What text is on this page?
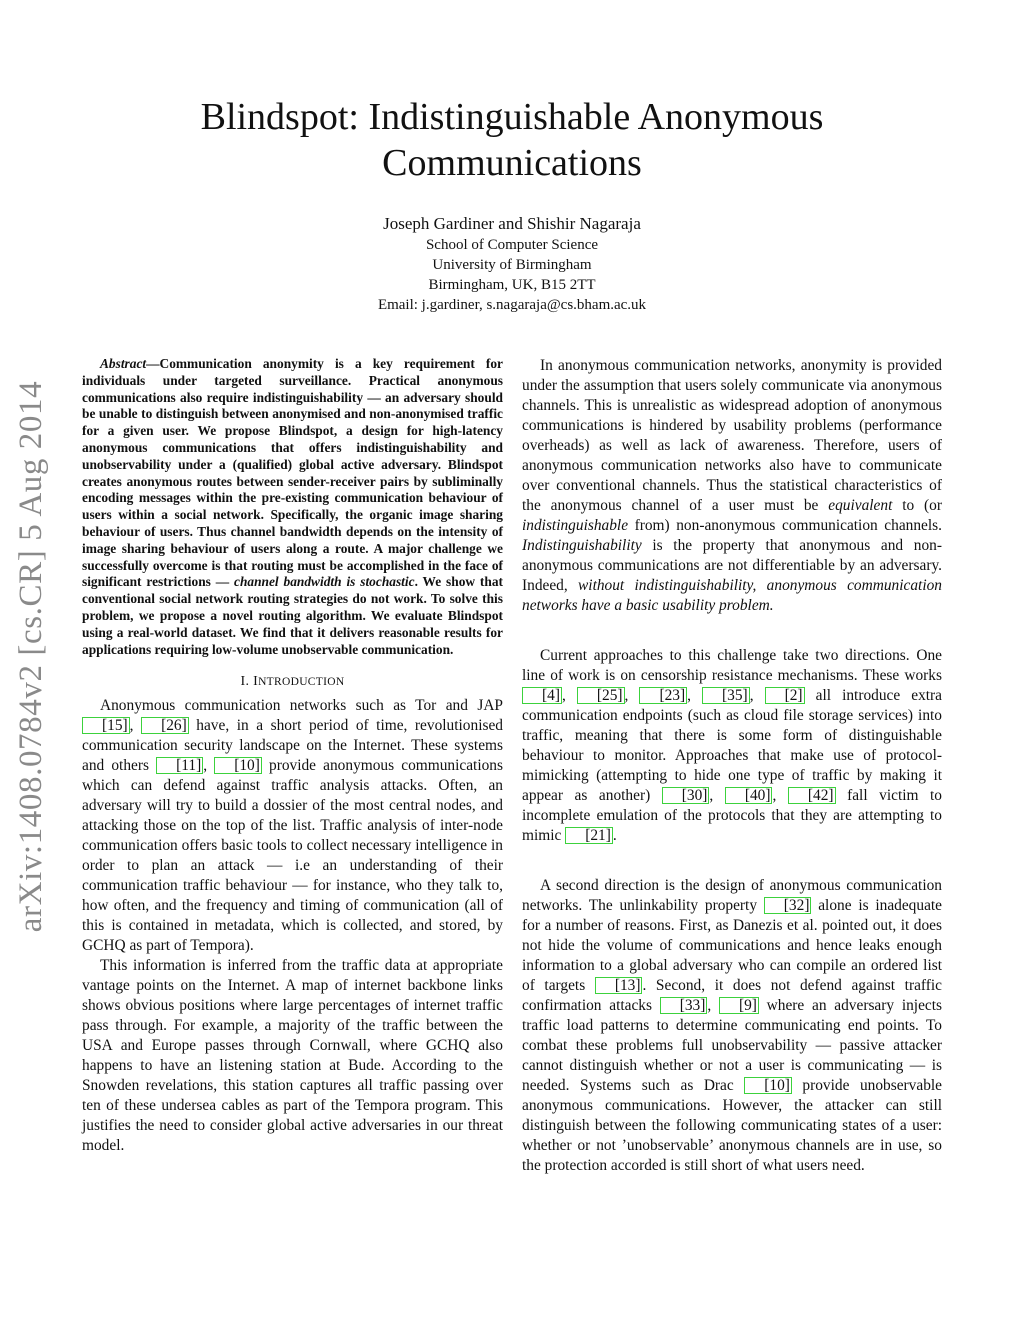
arXiv:1408.0784v2 [cs.CR] 5 Aug 2014
Blindspot: Indistinguishable Anonymous
Communications
Joseph Gardiner and Shishir Nagaraja
School of Computer Science
University of Birmingham
Birmingham, UK, B15 2TT
Email: j.gardiner, s.nagaraja@cs.bham.ac.uk

Abstract—Communication anonymity is a key requirement for individuals under targeted surveillance. Practical anonymous communications also require indistinguishability — an adversary should be unable to distinguish between anonymised and non-anonymised traffic for a given user. We propose Blindspot, a design for high-latency anonymous communications that offers indistinguishability and unobservability under a (qualified) global active adversary. Blindspot creates anonymous routes between sender-receiver pairs by subliminally encoding messages within the pre-existing communication behaviour of users within a social network. Specifically, the organic image sharing behaviour of users. Thus channel bandwidth depends on the intensity of image sharing behaviour of users along a route. A major challenge we successfully overcome is that routing must be accomplished in the face of significant restrictions — channel bandwidth is stochastic. We show that conventional social network routing strategies do not work. To solve this problem, we propose a novel routing algorithm. We evaluate Blindspot using a real-world dataset. We find that it delivers reasonable results for applications requiring low-volume unobservable communication.

I. INTRODUCTION

Anonymous communication networks such as Tor and JAP [15] , [26] have, in a short period of time, revolutionised communication security landscape on the Internet. These systems and others [11] , [10] provide anonymous communications which can defend against traffic analysis attacks. Often, an adversary will try to build a dossier of the most central nodes, and attacking those on the top of the list. Traffic analysis of inter-node communication offers basic tools to collect necessary intelligence in order to plan an attack — i.e an understanding of their communication traffic behaviour — for instance, who they talk to, how often, and the frequency and timing of communication (all of this is contained in metadata, which is collected, and stored, by GCHQ as part of Tempora).

This information is inferred from the traffic data at appropriate vantage points on the Internet. A map of internet backbone links shows obvious positions where large percentages of internet traffic pass through. For example, a majority of the traffic between the USA and Europe passes through Cornwall, where GCHQ also happens to have an listening station at Bude. According to the Snowden revelations, this station captures all traffic passing over ten of these undersea cables as part of the Tempora program. This justifies the need to consider global active adversaries in our threat model.

In anonymous communication networks, anonymity is provided under the assumption that users solely communicate via anonymous channels. This is unrealistic as widespread adoption of anonymous communications is hindered by usability problems (performance overheads) as well as lack of awareness. Therefore, users of anonymous communication networks also have to communicate over conventional channels. Thus the statistical characteristics of the anonymous channel of a user must be equivalent to (or indistinguishable from) non-anonymous communication channels. Indistinguishability is the property that anonymous and non-anonymous communications are not differentiable by an adversary. Indeed, without indistinguishability, anonymous communication networks have a basic usability problem.

Current approaches to this challenge take two directions. One line of work is on censorship resistance mechanisms. These works [4] , [25] , [23] , [35] , [2] all introduce extra communication endpoints (such as cloud file storage services) into traffic, meaning that there is some form of distinguishable behaviour to monitor. Approaches that make use of protocol-mimicking (attempting to hide one type of traffic by making it appear as another) [30] , [40] , [42] fall victim to incomplete emulation of the protocols that they are attempting to mimic [21] .

A second direction is the design of anonymous communication networks. The unlinkability property [32] alone is inadequate for a number of reasons. First, as Danezis et al. pointed out, it does not hide the volume of communications and hence leaks enough information to a global adversary who can compile an ordered list of targets [13] . Second, it does not defend against traffic confirmation attacks [33] , [9] where an adversary injects traffic load patterns to determine communicating end points. To combat these problems full unobservability — passive attacker cannot distinguish whether or not a user is communicating — is needed. Systems such as Drac [10] provide unobservable anonymous communications. However, the attacker can still distinguish between the following communicating states of a user: whether or not ’unobservable’ anonymous channels are in use, so the protection accorded is still short of what users need.
